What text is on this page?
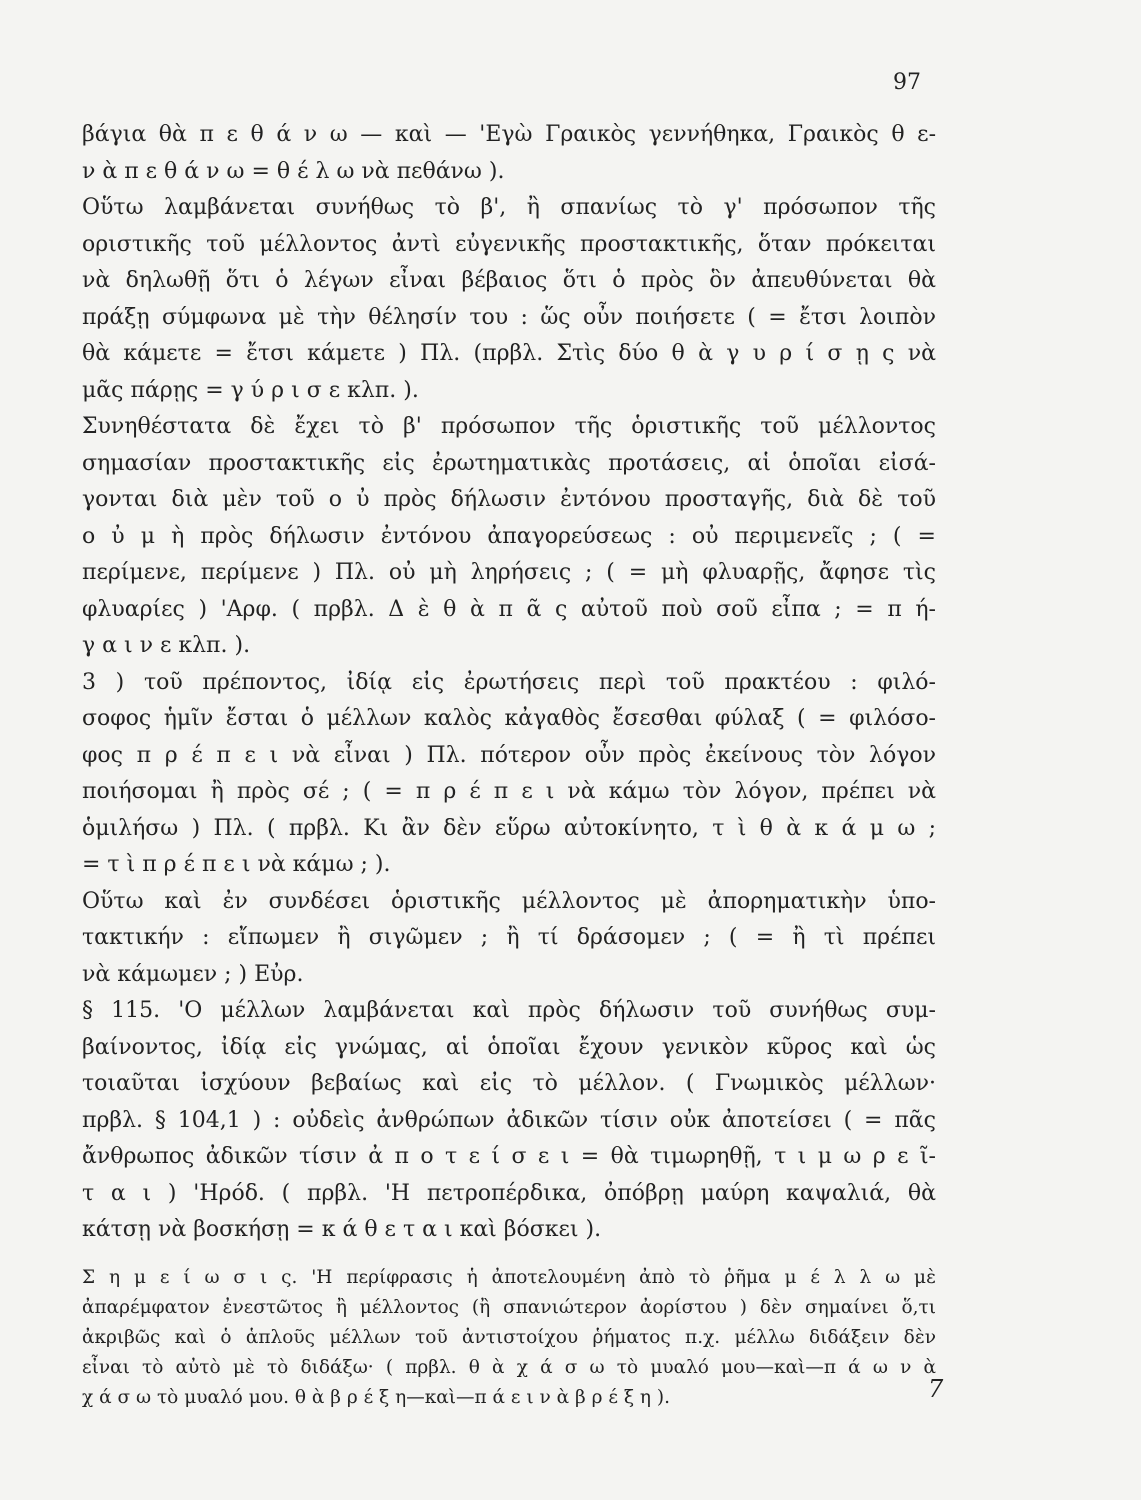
97
βάγια θὰ π ε θ ά ν ω — καὶ — 'Εγὼ Γραικὸς γεννήθηκα, Γραικὸς θ ε-
ν ὰ π ε θ ά ν ω = θ έ λ ω νὰ πεθάνω ).
Οὕτω λαμβάνεται συνήθως τὸ β', ἢ σπανίως τὸ γ' πρόσωπον τῆς
οριστικῆς τοῦ μέλλοντος ἀντὶ εὐγενικῆς προστακτικῆς, ὅταν πρόκειται
νὰ δηλωθῇ ὅτι ὁ λέγων εἶναι βέβαιος ὅτι ὁ πρὸς ὃν ἀπευθύνεται θὰ
πράξῃ σύμφωνα μὲ τὴν θέλησίν του : ὥς οὖν ποιήσετε ( = ἔτσι λοιπὸν
θὰ κάμετε = ἔτσι κάμετε ) Πλ. (πρβλ. Στὶς δύο θ ὰ γ υ ρ ί σ ῃ ς νὰ
μᾶς πάρῃς = γ ύ ρ ι σ ε κλπ. ).
Συνηθέστατα δὲ ἔχει τὸ β' πρόσωπον τῆς ὁριστικῆς τοῦ μέλλοντος
σημασίαν προστακτικῆς εἰς ἐρωτηματικὰς προτάσεις, αἱ ὁποῖαι εἰσά-
γονται διὰ μὲν τοῦ ο ὐ πρὸς δήλωσιν ἐντόνου προσταγῆς, διὰ δὲ τοῦ
ο ὐ μ ὴ πρὸς δήλωσιν ἐντόνου ἀπαγορεύσεως : οὐ περιμενεῖς ; ( =
περίμενε, περίμενε ) Πλ. οὐ μὴ ληρήσεις ; ( = μὴ φλυαρῇς, ἄφησε τὶς
φλυαρίες ) 'Αρφ. ( πρβλ. Δ ὲ θ ὰ π ᾶ ς αὐτοῦ ποὺ σοῦ εἶπα ; = π ή-
γ α ι ν ε κλπ. ).
3 ) τοῦ πρέποντος, ἰδίᾳ εἰς ἐρωτήσεις περὶ τοῦ πρακτέου : φιλό-
σοφος ἡμῖν ἔσται ὁ μέλλων καλὸς κἀγαθὸς ἔσεσθαι φύλαξ ( = φιλόσο-
φος π ρ έ π ε ι νὰ εἶναι ) Πλ. πότερον οὖν πρὸς ἐκείνους τὸν λόγον
ποιήσομαι ἢ πρὸς σέ ; ( = π ρ έ π ε ι νὰ κάμω τὸν λόγον, πρέπει νὰ
ὁμιλήσω ) Πλ. ( πρβλ. Κι ἂν δὲν εὕρω αὐτοκίνητο, τ ὶ θ ὰ κ ά μ ω ;
= τ ὶ π ρ έ π ε ι νὰ κάμω ; ).
Οὕτω καὶ ἐν συνδέσει ὁριστικῆς μέλλοντος μὲ ἀπορηματικὴν ὑπο-
τακτικήν : εἴπωμεν ἢ σιγῶμεν ; ἢ τί δράσομεν ; ( = ἢ τὶ πρέπει
νὰ κάμωμεν ; ) Εὐρ.
§ 115. 'Ο μέλλων λαμβάνεται καὶ πρὸς δήλωσιν τοῦ συνήθως συμ-
βαίνοντος, ἰδίᾳ εἰς γνώμας, αἱ ὁποῖαι ἔχουν γενικὸν κῦρος καὶ ὡς
τοιαῦται ἰσχύουν βεβαίως καὶ εἰς τὸ μέλλον. ( Γνωμικὸς μέλλων·
πρβλ. § 104,1 ) : οὐδεὶς ἀνθρώπων ἀδικῶν τίσιν οὐκ ἀποτείσει ( = πᾶς
ἄνθρωπος ἀδικῶν τίσιν ἀ π ο τ ε ί σ ε ι = θὰ τιμωρηθῇ, τ ι μ ω ρ ε ῖ-
τ α ι ) 'Ηρόδ. ( πρβλ. 'Η πετροπέρδικα, ὀπόβρῃ μαύρη καψαλιά, θὰ
κάτσῃ νὰ βοσκήσῃ = κ ά θ ε τ α ι καὶ βόσκει ).
Σ η μ ε ί ω σ ι ς. 'Η περίφρασις ἡ ἀποτελουμένη ἀπὸ τὸ ῥῆμα μ έ λ λ ω μὲ
ἀπαρέμφατον ἐνεστῶτος ἢ μέλλοντος (ἢ σπανιώτερον ἀορίστου ) δὲν σημαίνει ὅ,τι
ἀκριβῶς καὶ ὁ ἁπλοῦς μέλλων τοῦ ἀντιστοίχου ῥήματος π.χ. μέλλω διδάξειν δὲν
εἶναι τὸ αὐτὸ μὲ τὸ διδάξω· ( πρβλ. θ ὰ χ ά σ ω τὸ μυαλό μου—καὶ—π ά ω ν ὰ
χ ά σ ω τὸ μυαλό μου. θ ὰ β ρ έ ξ η—καὶ—π ά ε ι ν ὰ β ρ έ ξ η ).	7
